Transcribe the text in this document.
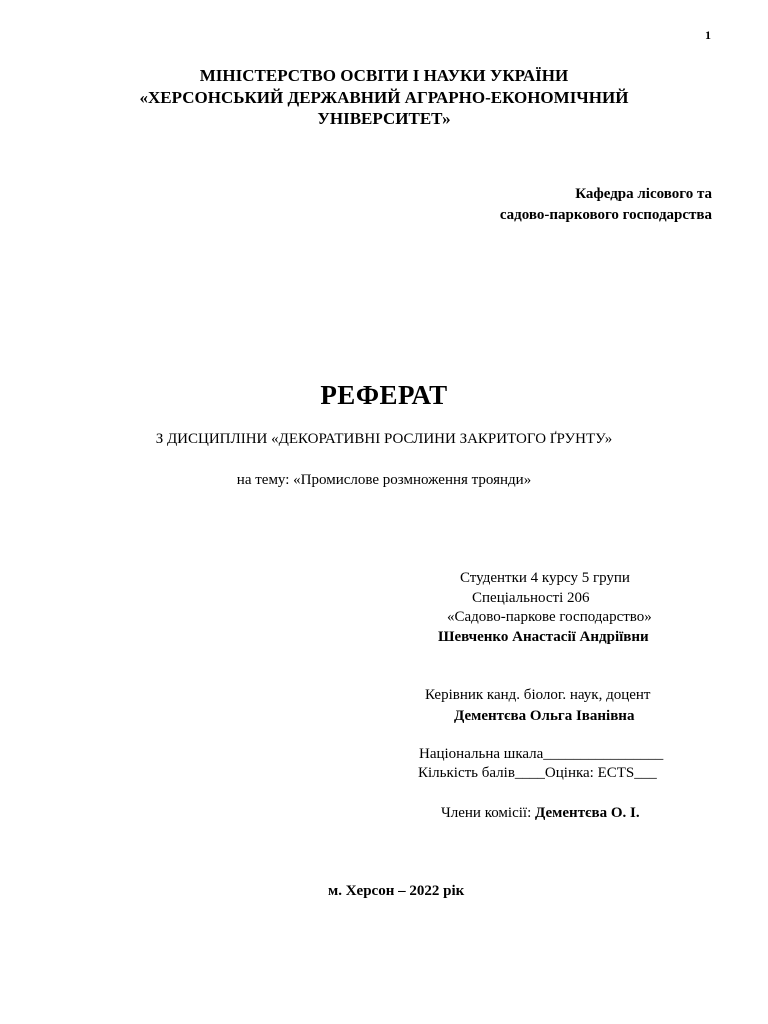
1
МІНІСТЕРСТВО ОСВІТИ І НАУКИ УКРАЇНИ
«ХЕРСОНСЬКИЙ ДЕРЖАВНИЙ АГРАРНО-ЕКОНОМІЧНИЙ
УНІВЕРСИТЕТ»
Кафедра лісового та
садово-паркового господарства
РЕФЕРАТ
З ДИСЦИПЛІНИ «ДЕКОРАТИВНІ РОСЛИНИ ЗАКРИТОГО ҐРУНТУ»
на тему: «Промислове розмноження троянди»
Студентки 4 курсу 5 групи
Спеціальності 206
«Садово-паркове господарство»
Шевченко Анастасії Андріївни
Керівник канд. біолог. наук, доцент
Дементєва Ольга Іванівна
Національна шкала________________
Кількість балів____Оцінка: ECTS___
Члени комісії: Дементєва О. І.
м. Херсон – 2022 рік
